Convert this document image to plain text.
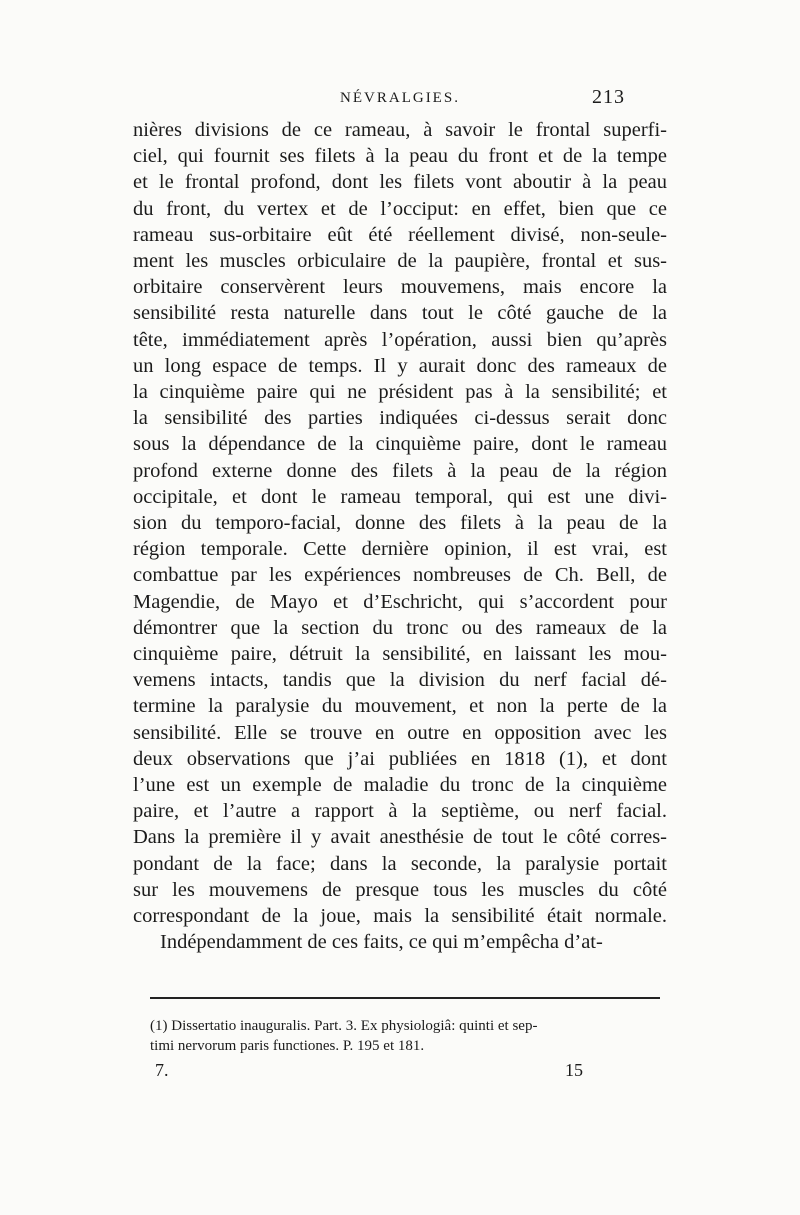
NÉVRALGIES.	213
nières divisions de ce rameau, à savoir le frontal superfi-
ciel, qui fournit ses filets à la peau du front et de la tempe
et le frontal profond, dont les filets vont aboutir à la peau
du front, du vertex et de l’occiput: en effet, bien que ce
rameau sus-orbitaire eût été réellement divisé, non-seule-
ment les muscles orbiculaire de la paupière, frontal et sus-
orbitaire conservèrent leurs mouvemens, mais encore la
sensibilité resta naturelle dans tout le côté gauche de la
tête, immédiatement après l’opération, aussi bien qu’après
un long espace de temps. Il y aurait donc des rameaux de
la cinquième paire qui ne président pas à la sensibilité; et
la sensibilité des parties indiquées ci-dessus serait donc
sous la dépendance de la cinquième paire, dont le rameau
profond externe donne des filets à la peau de la région
occipitale, et dont le rameau temporal, qui est une divi-
sion du temporo-facial, donne des filets à la peau de la
région temporale. Cette dernière opinion, il est vrai, est
combattue par les expériences nombreuses de Ch. Bell, de
Magendie, de Mayo et d’Eschricht, qui s’accordent pour
démontrer que la section du tronc ou des rameaux de la
cinquième paire, détruit la sensibilité, en laissant les mou-
vemens intacts, tandis que la division du nerf facial dé-
termine la paralysie du mouvement, et non la perte de la
sensibilité. Elle se trouve en outre en opposition avec les
deux observations que j’ai publiées en 1818 (1), et dont
l’une est un exemple de maladie du tronc de la cinquième
paire, et l’autre a rapport à la septième, ou nerf facial.
Dans la première il y avait anesthésie de tout le côté corres-
pondant de la face; dans la seconde, la paralysie portait
sur les mouvemens de presque tous les muscles du côté
correspondant de la joue, mais la sensibilité était normale.
Indépendamment de ces faits, ce qui m’empêcha d’at-
(1) Dissertatio inauguralis. Part. 3. Ex physiologiâ: quinti et sep-
timi nervorum paris functiones. P. 195 et 181.
7.	15
